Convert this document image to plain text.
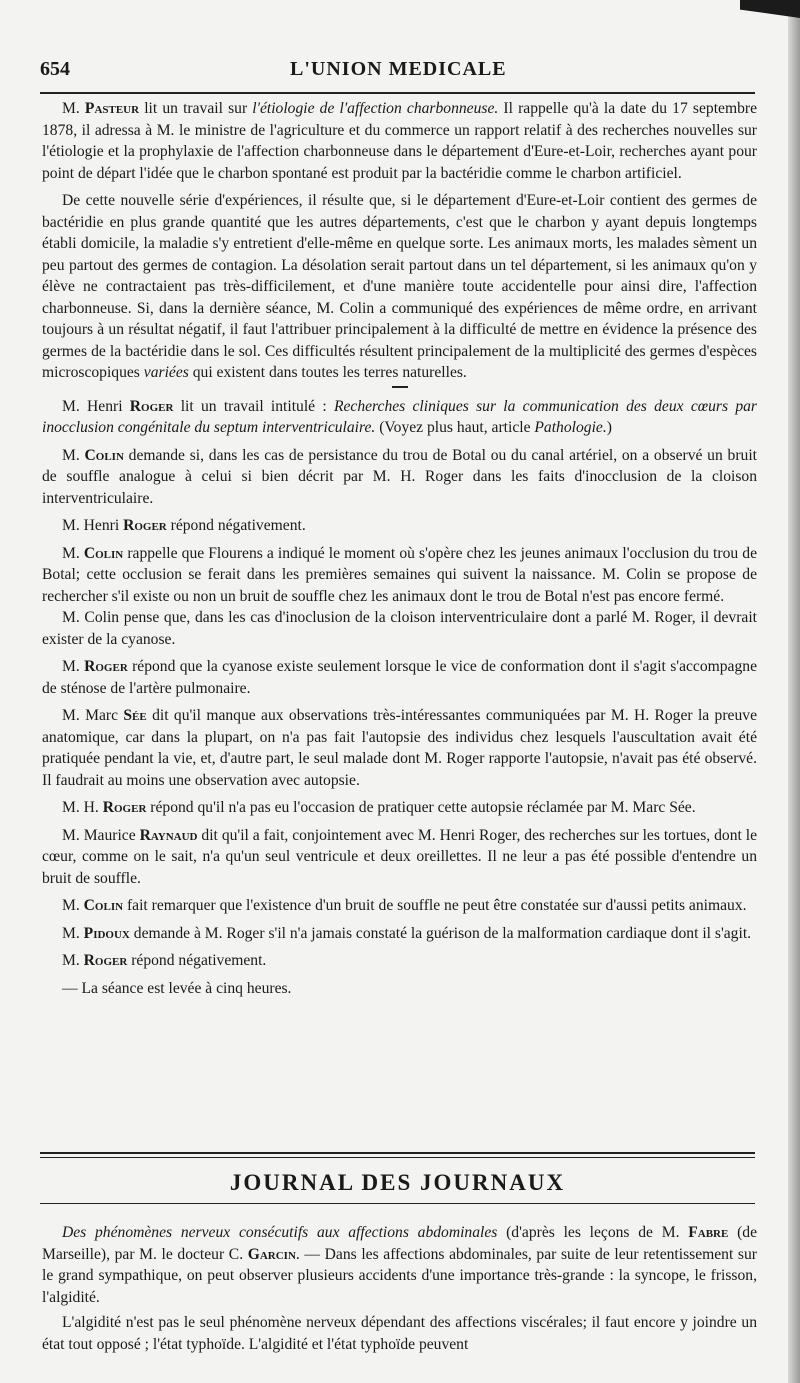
654	L'UNION MEDICALE

M. Pasteur lit un travail sur l'étiologie de l'affection charbonneuse. Il rappelle qu'à la date du 17 septembre 1878, il adressa à M. le ministre de l'agriculture et du commerce un rapport relatif à des recherches nouvelles sur l'étiologie et la prophylaxie de l'affection charbonneuse dans le département d'Eure-et-Loir, recherches ayant pour point de départ l'idée que le charbon spontané est produit par la bactéridie comme le charbon artificiel.

De cette nouvelle série d'expériences, il résulte que, si le département d'Eure-et-Loir contient des germes de bactéridie en plus grande quantité que les autres départements, c'est que le charbon y ayant depuis longtemps établi domicile, la maladie s'y entretient d'elle-même en quelque sorte. Les animaux morts, les malades sèment un peu partout des germes de contagion. La désolation serait partout dans un tel département, si les animaux qu'on y élève ne contractaient pas très-difficilement, et d'une manière toute accidentelle pour ainsi dire, l'affection charbonneuse. Si, dans la dernière séance, M. Colin a communiqué des expériences de même ordre, en arrivant toujours à un résultat négatif, il faut l'attribuer principalement à la difficulté de mettre en évidence la présence des germes de la bactéridie dans le sol. Ces difficultés résultent principalement de la multiplicité des germes d'espèces microscopiques variées qui existent dans toutes les terres naturelles.

M. Henri Roger lit un travail intitulé : Recherches cliniques sur la communication des deux cœurs par inocclusion congénitale du septum interventriculaire. (Voyez plus haut, article Pathologie.)

M. Colin demande si, dans les cas de persistance du trou de Botal ou du canal artériel, on a observé un bruit de souffle analogue à celui si bien décrit par M. H. Roger dans les faits d'inocclusion de la cloison interventriculaire.

M. Henri Roger répond négativement.

M. Colin rappelle que Flourens a indiqué le moment où s'opère chez les jeunes animaux l'occlusion du trou de Botal; cette occlusion se ferait dans les premières semaines qui suivent la naissance. M. Colin se propose de rechercher s'il existe ou non un bruit de souffle chez les animaux dont le trou de Botal n'est pas encore fermé.

M. Colin pense que, dans les cas d'inoclusion de la cloison interventriculaire dont a parlé M. Roger, il devrait exister de la cyanose.

M. Roger répond que la cyanose existe seulement lorsque le vice de conformation dont il s'agit s'accompagne de sténose de l'artère pulmonaire.

M. Marc Sée dit qu'il manque aux observations très-intéressantes communiquées par M. H. Roger la preuve anatomique, car dans la plupart, on n'a pas fait l'autopsie des individus chez lesquels l'auscultation avait été pratiquée pendant la vie, et, d'autre part, le seul malade dont M. Roger rapporte l'autopsie, n'avait pas été observé. Il faudrait au moins une observation avec autopsie.

M. H. Roger répond qu'il n'a pas eu l'occasion de pratiquer cette autopsie réclamée par M. Marc Sée.

M. Maurice Raynaud dit qu'il a fait, conjointement avec M. Henri Roger, des recherches sur les tortues, dont le cœur, comme on le sait, n'a qu'un seul ventricule et deux oreillettes. Il ne leur a pas été possible d'entendre un bruit de souffle.

M. Colin fait remarquer que l'existence d'un bruit de souffle ne peut être constatée sur d'aussi petits animaux.

M. Pidoux demande à M. Roger s'il n'a jamais constaté la guérison de la malformation cardiaque dont il s'agit.

M. Roger répond négativement.

— La séance est levée à cinq heures.

JOURNAL DES JOURNAUX

Des phénomènes nerveux consécutifs aux affections abdominales (d'après les leçons de M. Fabre (de Marseille), par M. le docteur C. Garcin. — Dans les affections abdominales, par suite de leur retentissement sur le grand sympathique, on peut observer plusieurs accidents d'une importance très-grande : la syncope, le frisson, l'algidité.

L'algidité n'est pas le seul phénomène nerveux dépendant des affections viscérales; il faut encore y joindre un état tout opposé ; l'état typhoïde. L'algidité et l'état typhoïde peuvent
